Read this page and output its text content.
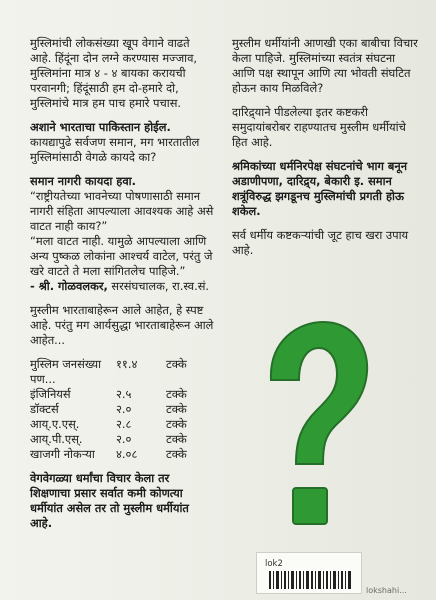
मुस्लिमांची लोकसंख्या खूप वेगाने वाढते
आहे. हिंदूंना दोन लग्ने करण्यास मज्जाव,
मुस्लिमांना मात्र ४ - ४ बायका करायची
परवानगी; हिंदूंसाठी हम दो-हमारे दो,
मुस्लिमांचे मात्र हम पाच हमारे पचास.
अशाने भारताचा पाकिस्तान होईल.
कायद्यापुढे सर्वजण समान, मग भारतातील
मुस्लिमांसाठी वेगळे कायदे का?
समान नागरी कायदा हवा.
“राष्ट्रीयतेच्या भावनेच्या पोषणासाठी समान
नागरी संहिता आपल्याला आवश्यक आहे असे
वाटत नाही काय?”
“मला वाटत नाही. यामुळे आपल्याला आणि
अन्य पुष्कळ लोकांना आश्चर्य वाटेल, परंतु जे
खरे वाटते ते मला सांगितलेच पाहिजे.”
- श्री. गोळवलकर, सरसंघचालक, रा.स्व.सं.
मुस्लीम भारताबाहेरून आले आहेत, हे स्पष्ट
आहे. परंतु मग आर्यसुद्धा भारताबाहेरून आले
आहेत...
मुस्लिम जनसंख्या	११.४	टक्के
पण...		
इंजिनियर्स	२.५	टक्के
डॉक्टर्स	२.०	टक्के
आय्.ए.एस्.	२.८	टक्के
आय्.पी.एस्.	२.०	टक्के
खाजगी नोकऱ्या	४.०८	टक्के
वेगवेगळ्या धर्मांचा विचार केला तर
शिक्षणाचा प्रसार सर्वात कमी कोणत्या
धर्मीयांत असेल तर तो मुस्लीम धर्मीयांत
आहे.
मुस्लीम धर्मीयांनी आणखी एका बाबीचा विचार
केला पाहिजे. मुस्लिमांच्या स्वतंत्र संघटना
आणि पक्ष स्थापून आणि त्या भोवती संघटित
होऊन काय मिळविले?
दारिद्र्याने पीडलेल्या इतर कष्टकरी
समुदायांबरोबर राहण्यातच मुस्लीम धर्मीयांचे
हित आहे.
श्रमिकांच्या धर्मनिरपेक्ष संघटनांचे भाग बनून
अडाणीपणा, दारिद्र्य, बेकारी इ. समान
शत्रूंविरुद्ध झगडूनच मुस्लिमांची प्रगती होऊ
शकेल.
सर्व धर्मीय कष्टकऱ्यांची जूट हाच खरा उपाय
आहे.
lok2
lokshahi...
